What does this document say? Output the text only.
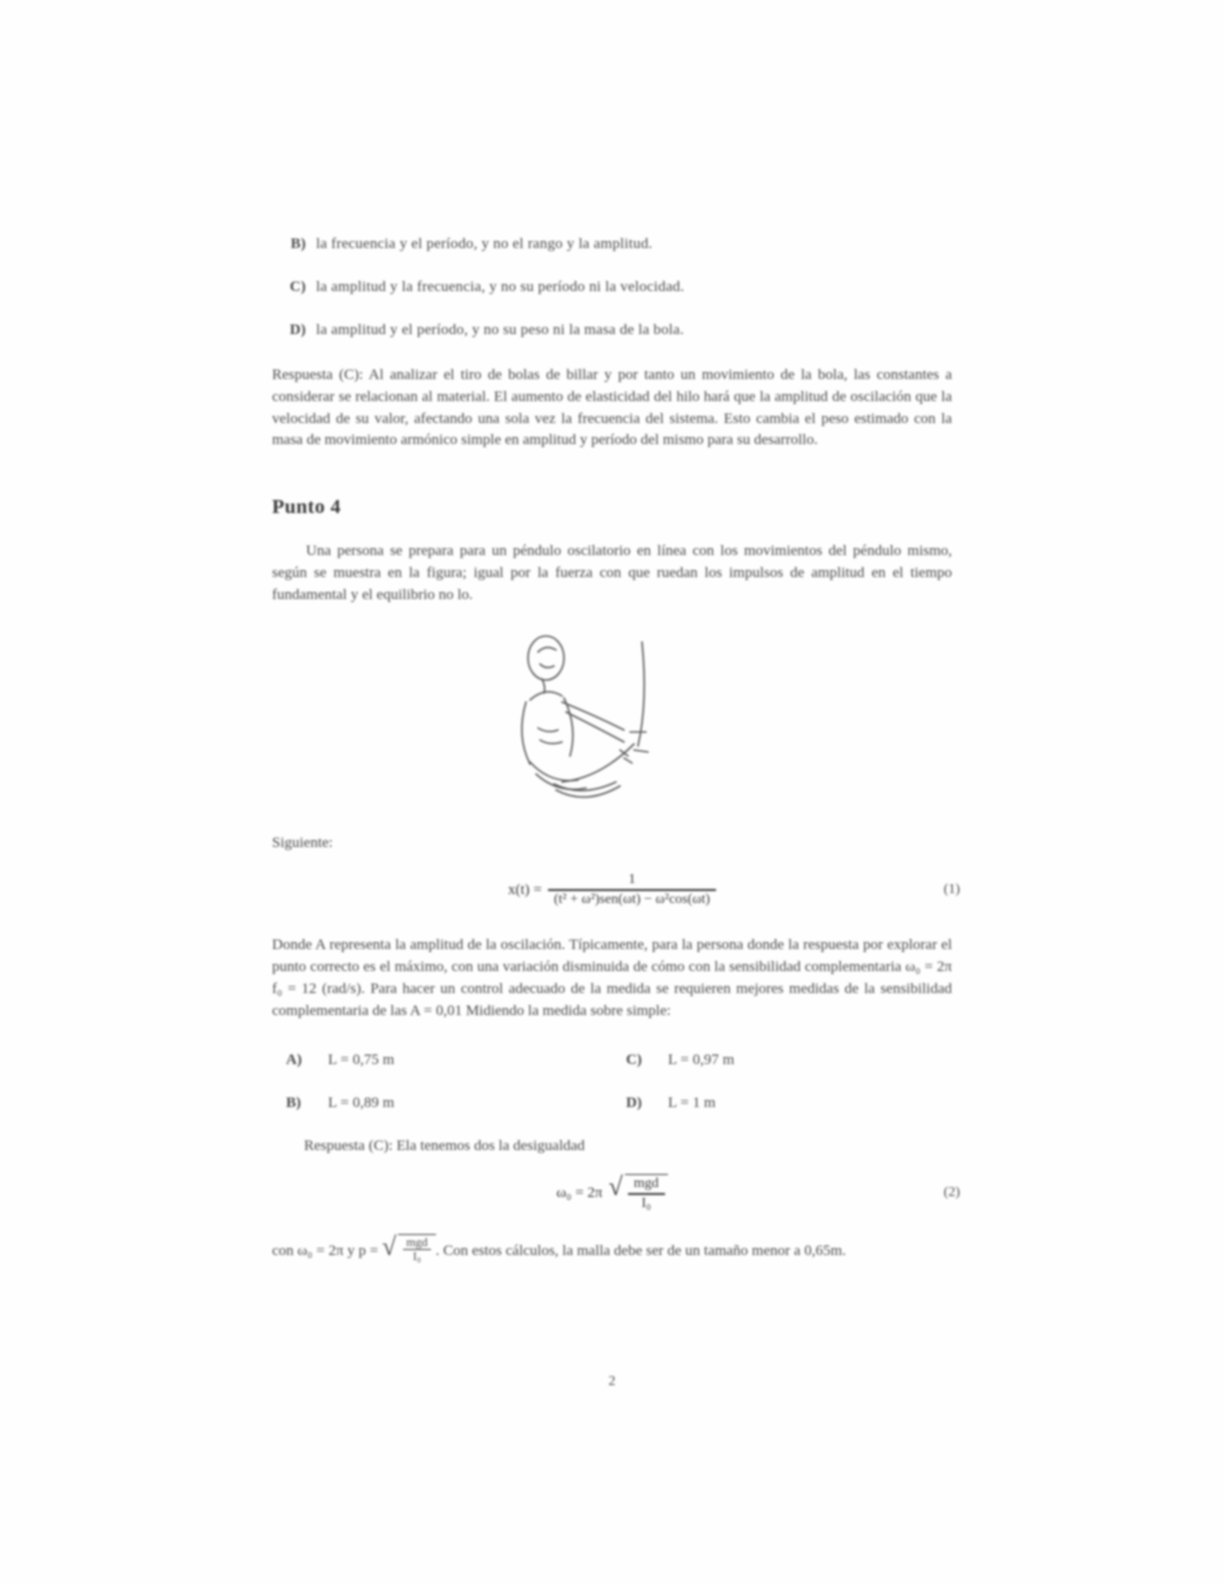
B) la frecuencia y el período, y no el rango y la amplitud.
C) la amplitud y la frecuencia, y no su período ni la velocidad.
D) la amplitud y el período, y no su peso ni la masa de la bola.

Respuesta (C): Al analizar el tiro de bolas de billar y por tanto un movimiento de la bola, las constantes a considerar se relacionan al material. El aumento de elasticidad del hilo hará que la amplitud de oscilación que la velocidad de su valor, afectando una sola vez la frecuencia del sistema. Esto cambia el peso estimado con la masa de movimiento armónico simple en amplitud y período del mismo para su desarrollo.

Punto 4

Una persona se prepara para un péndulo oscilatorio en línea con los movimientos del péndulo mismo, según se muestra en la figura; igual por la fuerza con que ruedan los impulsos de amplitud en el tiempo fundamental y el equilibrio no lo.

Siguiente:

$x(t) = \frac{1}{\text{(t² + ω²)sen(ωt) − ω²cos(ωt)}}$	(1)

Donde A representa la amplitud de la oscilación. Típicamente, para la persona donde la respuesta por explorar el punto correcto es el máximo, con una variación disminuida de cómo con la sensibilidad complementaria ω₀ = 2π f₀ = 12 (rad/s). Para hacer un control adecuado de la medida se requieren mejores medidas de la sensibilidad complementaria de las A = 0,01 Midiendo la medida sobre simple:

A)	L = 0,75 m	C)	L = 0,97 m
B)	L = 0,89 m	D)	L = 1 m

Respuesta (C): Ela tenemos dos la desigualdad

ω₀ = 2π √ $\frac{\text{mgd}}{\text{I₀}}$	(2)

con ω₀ = 2π y p = √ $\frac{\text{mgd}}{\text{I₀}}$ . Con estos cálculos, la malla debe ser de un tamaño menor a 0,65m.

2
